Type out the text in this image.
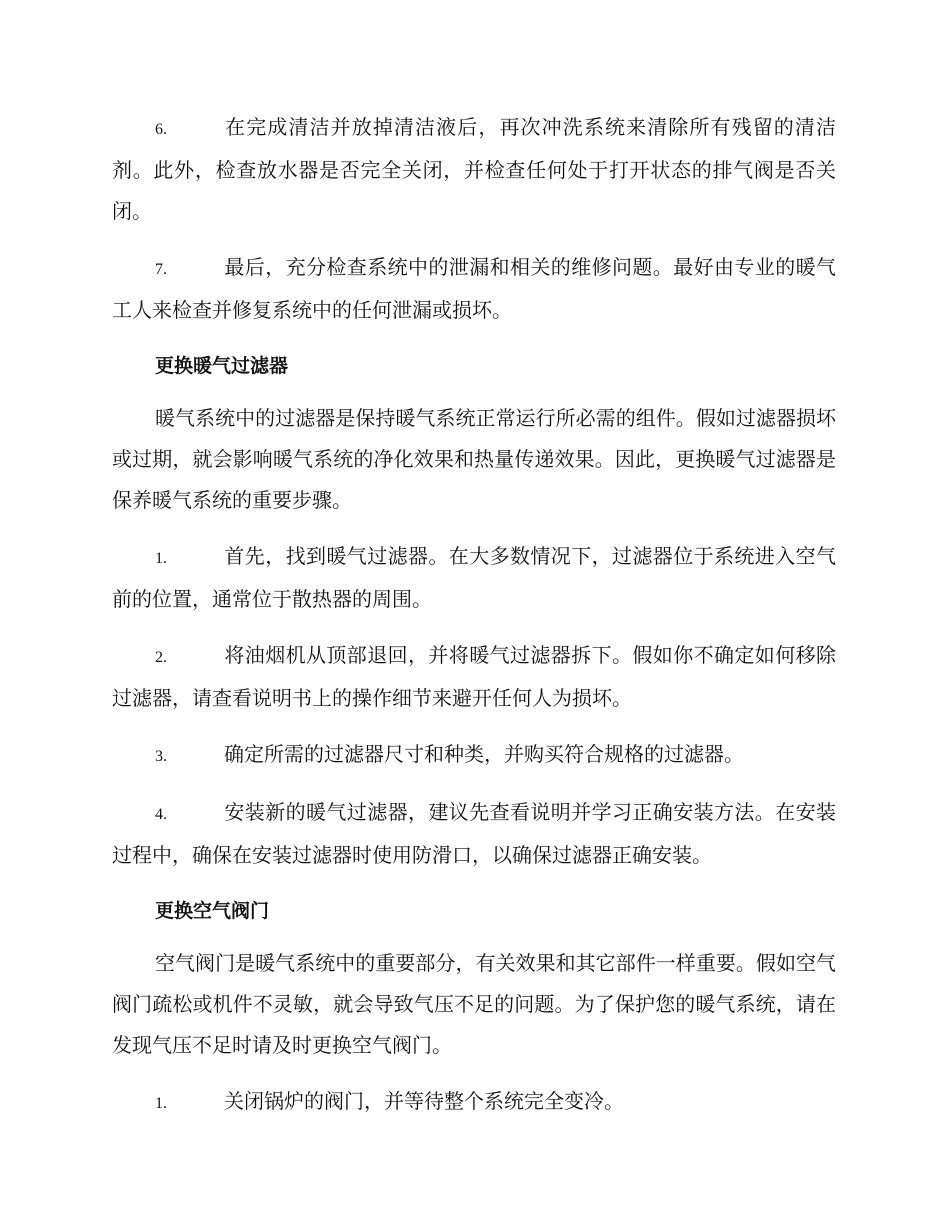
6.	在完成清洁并放掉清洁液后，再次冲洗系统来清除所有残留的清洁剂。此外，检查放水器是否完全关闭，并检查任何处于打开状态的排气阀是否关闭。

7.	最后，充分检查系统中的泄漏和相关的维修问题。最好由专业的暖气工人来检查并修复系统中的任何泄漏或损坏。

更换暖气过滤器

暖气系统中的过滤器是保持暖气系统正常运行所必需的组件。假如过滤器损坏或过期，就会影响暖气系统的净化效果和热量传递效果。因此，更换暖气过滤器是保养暖气系统的重要步骤。

1.	首先，找到暖气过滤器。在大多数情况下，过滤器位于系统进入空气前的位置，通常位于散热器的周围。

2.	将油烟机从顶部退回，并将暖气过滤器拆下。假如你不确定如何移除过滤器，请查看说明书上的操作细节来避开任何人为损坏。

3.	确定所需的过滤器尺寸和种类，并购买符合规格的过滤器。

4.	安装新的暖气过滤器，建议先查看说明并学习正确安装方法。在安装过程中，确保在安装过滤器时使用防滑口，以确保过滤器正确安装。

更换空气阀门

空气阀门是暖气系统中的重要部分，有关效果和其它部件一样重要。假如空气阀门疏松或机件不灵敏，就会导致气压不足的问题。为了保护您的暖气系统，请在发现气压不足时请及时更换空气阀门。

1.	关闭锅炉的阀门，并等待整个系统完全变冷。
